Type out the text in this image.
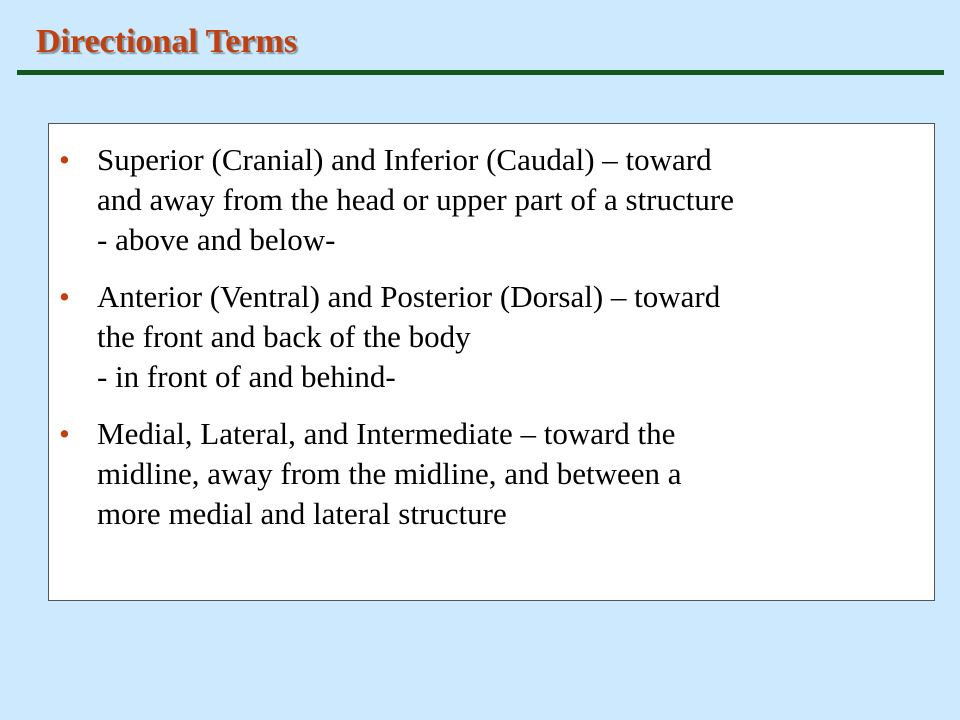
Directional Terms
• Superior (Cranial) and Inferior (Caudal) – toward
and away from the head or upper part of a structure
- above and below-
• Anterior (Ventral) and Posterior (Dorsal) – toward
the front and back of the body
- in front of and behind-
• Medial, Lateral, and Intermediate – toward the
midline, away from the midline, and between a
more medial and lateral structure
